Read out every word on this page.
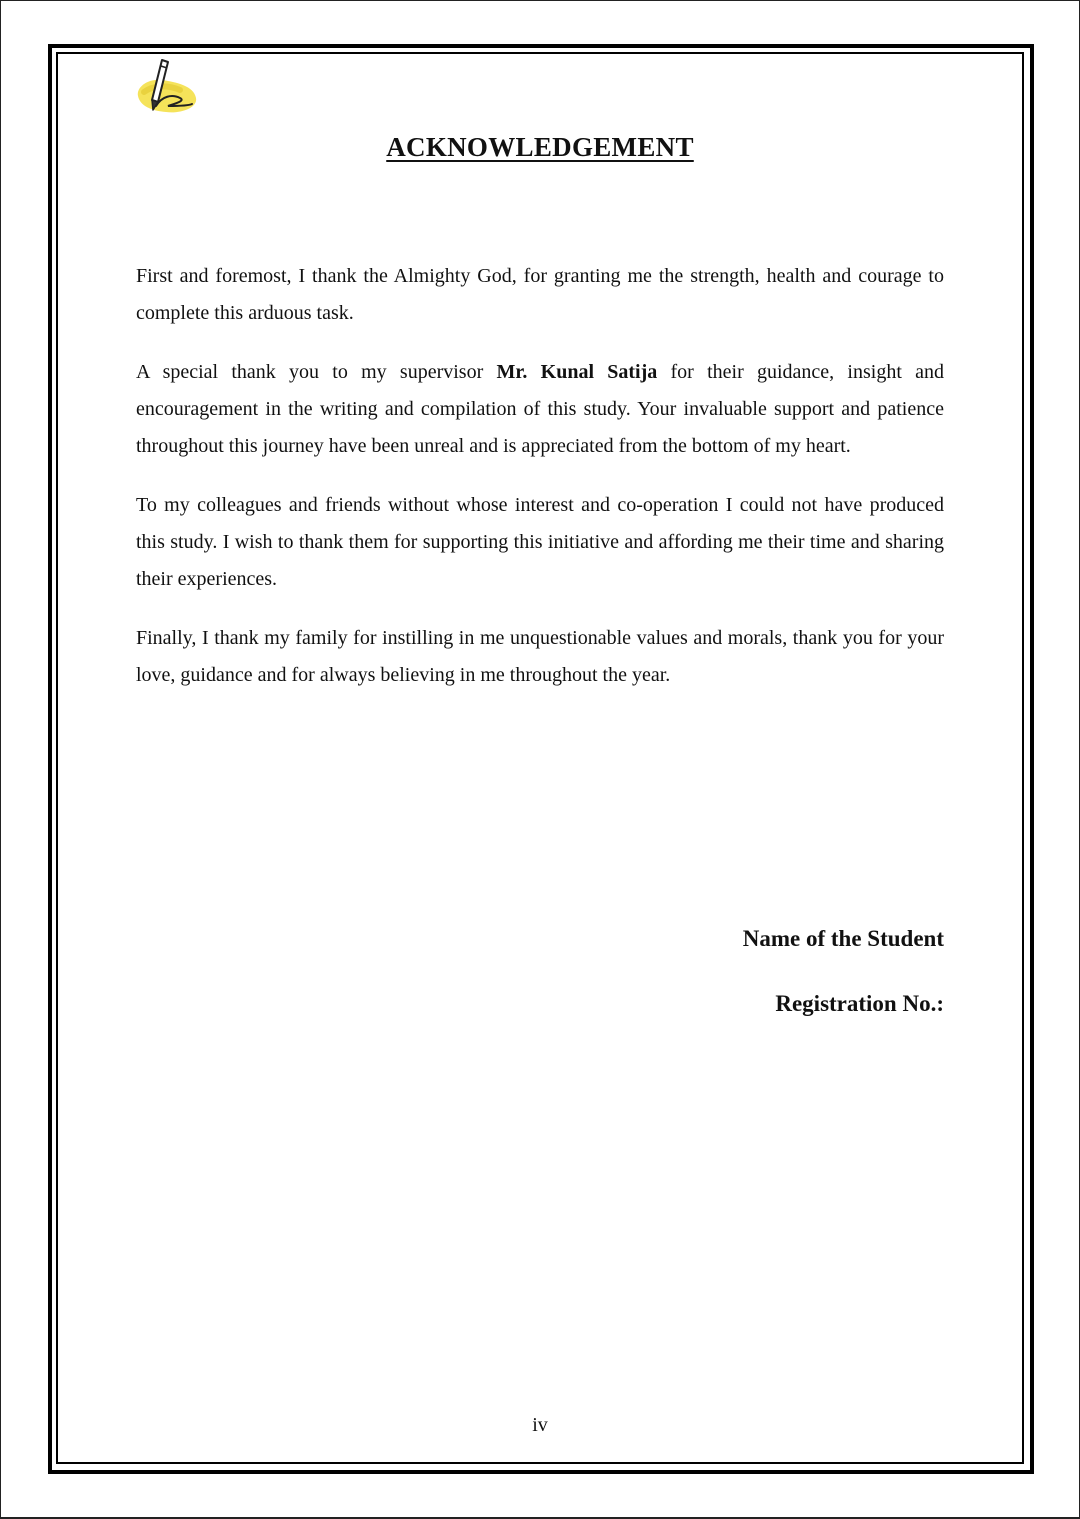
ACKNOWLEDGEMENT

First and foremost, I thank the Almighty God, for granting me the strength, health and courage to complete this arduous task.

A special thank you to my supervisor Mr. Kunal Satija for their guidance, insight and encouragement in the writing and compilation of this study. Your invaluable support and patience throughout this journey have been unreal and is appreciated from the bottom of my heart.

To my colleagues and friends without whose interest and co-operation I could not have produced this study. I wish to thank them for supporting this initiative and affording me their time and sharing their experiences.

Finally, I thank my family for instilling in me unquestionable values and morals, thank you for your love, guidance and for always believing in me throughout the year.

Name of the Student
Registration No.:
iv
